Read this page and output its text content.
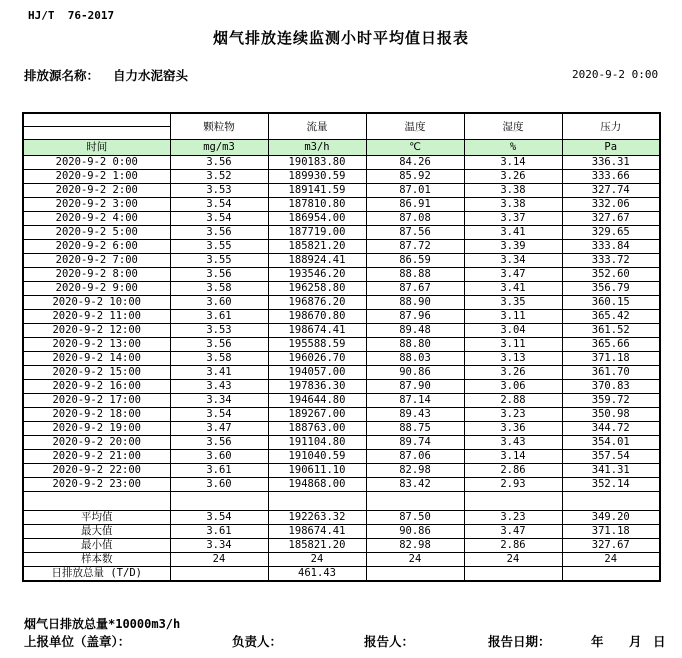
HJ/T  76-2017
烟气排放连续监测小时平均值日报表
排放源名称： 自力水泥窑头	2020-9-2 0:00
	颗粒物	流量	温度	湿度	压力

时间	mg/m3	m3/h	℃	%	Pa
2020-9-2 0:00	3.56	190183.80	84.26	3.14	336.31
2020-9-2 1:00	3.52	189930.59	85.92	3.26	333.66
2020-9-2 2:00	3.53	189141.59	87.01	3.38	327.74
2020-9-2 3:00	3.54	187810.80	86.91	3.38	332.06
2020-9-2 4:00	3.54	186954.00	87.08	3.37	327.67
2020-9-2 5:00	3.56	187719.00	87.56	3.41	329.65
2020-9-2 6:00	3.55	185821.20	87.72	3.39	333.84
2020-9-2 7:00	3.55	188924.41	86.59	3.34	333.72
2020-9-2 8:00	3.56	193546.20	88.88	3.47	352.60
2020-9-2 9:00	3.58	196258.80	87.67	3.41	356.79
2020-9-2 10:00	3.60	196876.20	88.90	3.35	360.15
2020-9-2 11:00	3.61	198670.80	87.96	3.11	365.42
2020-9-2 12:00	3.53	198674.41	89.48	3.04	361.52
2020-9-2 13:00	3.56	195588.59	88.80	3.11	365.66
2020-9-2 14:00	3.58	196026.70	88.03	3.13	371.18
2020-9-2 15:00	3.41	194057.00	90.86	3.26	361.70
2020-9-2 16:00	3.43	197836.30	87.90	3.06	370.83
2020-9-2 17:00	3.34	194644.80	87.14	2.88	359.72
2020-9-2 18:00	3.54	189267.00	89.43	3.23	350.98
2020-9-2 19:00	3.47	188763.00	88.75	3.36	344.72
2020-9-2 20:00	3.56	191104.80	89.74	3.43	354.01
2020-9-2 21:00	3.60	191040.59	87.06	3.14	357.54
2020-9-2 22:00	3.61	190611.10	82.98	2.86	341.31
2020-9-2 23:00	3.60	194868.00	83.42	2.93	352.14

平均值	3.54	192263.32	87.50	3.23	349.20
最大值	3.61	198674.41	90.86	3.47	371.18
最小值	3.34	185821.20	82.98	2.86	327.67
样本数	24	24	24	24	24
日排放总量 (T/D)		461.43			
烟气日排放总量*10000m3/h
上报单位（盖章）：	负责人：	报告人：	报告日期：	年 月 日
